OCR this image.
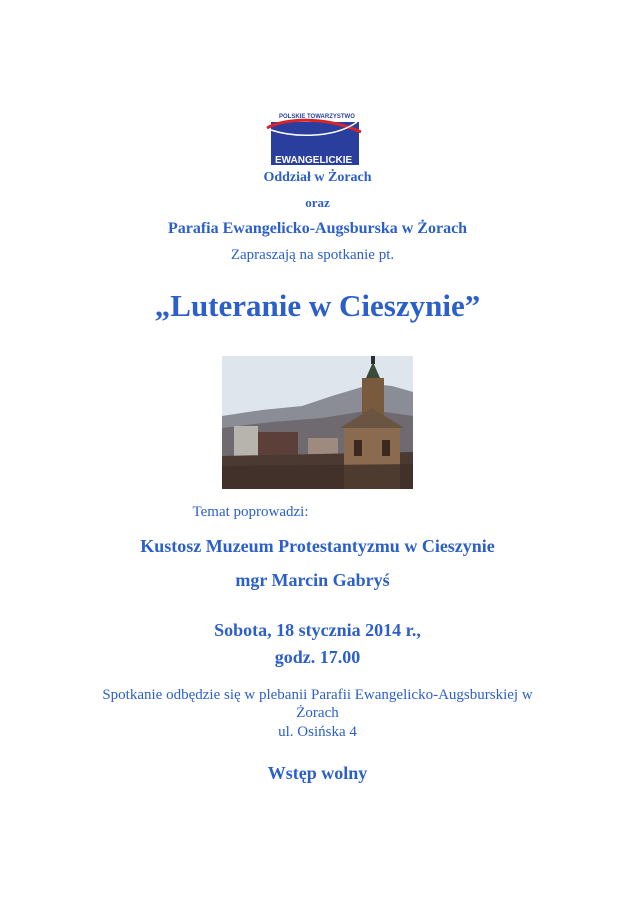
POLSKIE TOWARZYSTWO
EWANGELICKIE
Oddział w Żorach
oraz
Parafia Ewangelicko-Augsburska w Żorach
Zapraszają na spotkanie pt.
„Luteranie w Cieszynie”
Temat poprowadzi:
Kustosz Muzeum Protestantyzmu w Cieszynie
mgr Marcin Gabryś
Sobota, 18 stycznia 2014 r.,
godz. 17.00
Spotkanie odbędzie się w plebanii Parafii Ewangelicko-Augsburskiej w
Żorach
ul. Osińska 4
Wstęp wolny
